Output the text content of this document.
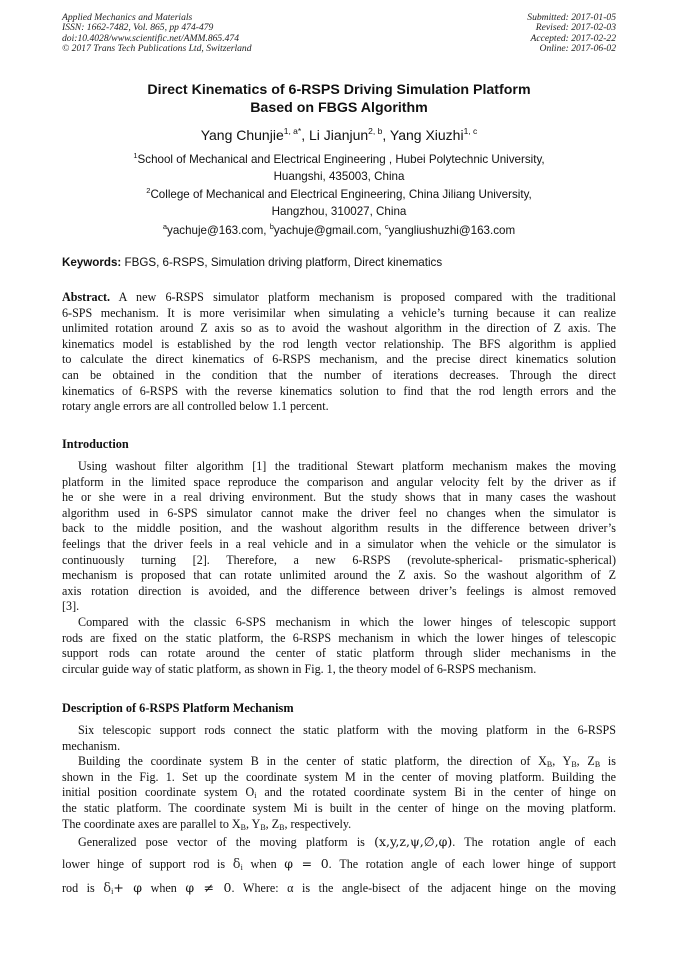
Applied Mechanics and Materials
ISSN: 1662-7482, Vol. 865, pp 474-479
doi:10.4028/www.scientific.net/AMM.865.474
© 2017 Trans Tech Publications Ltd, Switzerland
Submitted: 2017-01-05
Revised: 2017-02-03
Accepted: 2017-02-22
Online: 2017-06-02
Direct Kinematics of 6-RSPS Driving Simulation Platform
Based on FBGS Algorithm
Yang Chunjie$^{1, a*}$, Li Jianjun$^{2, b}$, Yang Xiuzhi$^{1, c}$
$^1$School of Mechanical and Electrical Engineering , Hubei Polytechnic University,
Huangshi, 435003, China
$^2$College of Mechanical and Electrical Engineering, China Jiliang University,
Hangzhou, 310027, China
$^a$yachuje@163.com, $^b$yachuje@gmail.com, $^c$yangliushuzhi@163.com
Keywords: FBGS, 6-RSPS, Simulation driving platform, Direct kinematics
Abstract. A new 6-RSPS simulator platform mechanism is proposed compared with the traditional
6-SPS mechanism. It is more verisimilar when simulating a vehicle’s turning because it can realize
unlimited rotation around Z axis so as to avoid the washout algorithm in the direction of Z axis. The
kinematics model is established by the rod length vector relationship. The BFS algorithm is applied
to calculate the direct kinematics of 6-RSPS mechanism, and the precise direct kinematics solution
can be obtained in the condition that the number of iterations decreases. Through the direct
kinematics of 6-RSPS with the reverse kinematics solution to find that the rod length errors and the
rotary angle errors are all controlled below 1.1 percent.
Introduction
Using washout filter algorithm [1] the traditional Stewart platform mechanism makes the moving
platform in the limited space reproduce the comparison and angular velocity felt by the driver as if
he or she were in a real driving environment. But the study shows that in many cases the washout
algorithm used in 6-SPS simulator cannot make the driver feel no changes when the simulator is
back to the middle position, and the washout algorithm results in the difference between driver’s
feelings that the driver feels in a real vehicle and in a simulator when the vehicle or the simulator is
continuously turning [2]. Therefore, a new 6-RSPS (revolute-spherical- prismatic-spherical)
mechanism is proposed that can rotate unlimited around the Z axis. So the washout algorithm of Z
axis rotation direction is avoided, and the difference between driver’s feelings is almost removed
[3].
Compared with the classic 6-SPS mechanism in which the lower hinges of telescopic support
rods are fixed on the static platform, the 6-RSPS mechanism in which the lower hinges of telescopic
support rods can rotate around the center of static platform through slider mechanisms in the
circular guide way of static platform, as shown in Fig. 1, the theory model of 6-RSPS mechanism.
Description of 6-RSPS Platform Mechanism
Six telescopic support rods connect the static platform with the moving platform in the 6-RSPS
mechanism.
Building the coordinate system B in the center of static platform, the direction of $X_B$, $Y_B$, $Z_B$ is
shown in the Fig. 1. Set up the coordinate system M in the center of moving platform. Building the
initial position coordinate system $O_i$ and the rotated coordinate system Bi in the center of hinge on
the static platform. The coordinate system Mi is built in the center of hinge on the moving platform.
The coordinate axes are parallel to $X_B$, $Y_B$, $Z_B$, respectively.
Generalized pose vector of the moving platform is (x,y,z,ψ,∅,φ). The rotation angle of each
lower hinge of support rod is $\delta_i$ when φ = 0. The rotation angle of each lower hinge of support
rod is $\delta_i+ \varphi$ when φ ≠ 0. Where: α is the angle-bisect of the adjacent hinge on the moving
